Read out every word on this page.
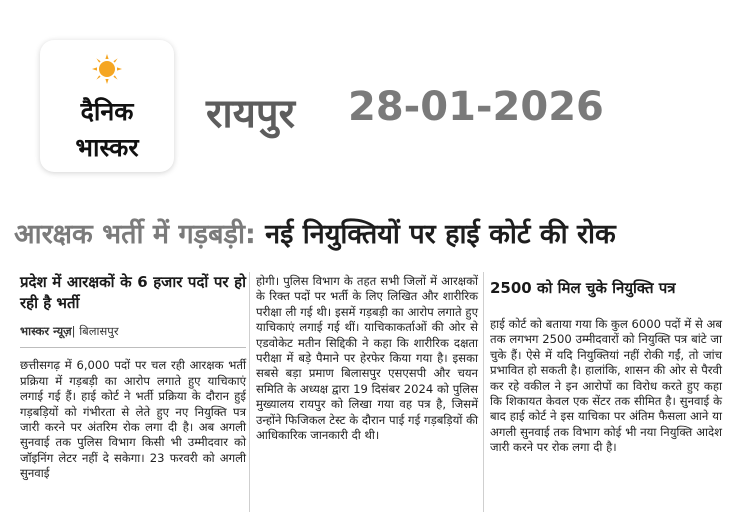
दैनिक
भास्कर
रायपुर 28-01-2026
आरक्षक भर्ती में गड़बड़ी: नई नियुक्तियों पर हाई कोर्ट की रोक
प्रदेश में आरक्षकों के 6 हजार पदों पर हो रही है भर्ती
भास्कर न्यूज़| बिलासपुर

छत्तीसगढ़ में 6,000 पदों पर चल रही आरक्षक भर्ती प्रक्रिया में गड़बड़ी का आरोप लगाते हुए याचिकाएं लगाई गई हैं। हाई कोर्ट ने भर्ती प्रक्रिया के दौरान हुई गड़बड़ियों को गंभीरता से लेते हुए नए नियुक्ति पत्र जारी करने पर अंतरिम रोक लगा दी है। अब अगली सुनवाई तक पुलिस विभाग किसी भी उम्मीदवार को जॉइनिंग लेटर नहीं दे सकेगा। 23 फरवरी को अगली सुनवाई

होगी। पुलिस विभाग के तहत सभी जिलों में आरक्षकों के रिक्त पदों पर भर्ती के लिए लिखित और शारीरिक परीक्षा ली गई थी। इसमें गड़बड़ी का आरोप लगाते हुए याचिकाएं लगाई गई थीं। याचिकाकर्ताओं की ओर से एडवोकेट मतीन सिद्दिकी ने कहा कि शारीरिक दक्षता परीक्षा में बड़े पैमाने पर हेरफेर किया गया है। इसका सबसे बड़ा प्रमाण बिलासपुर एसएसपी और चयन समिति के अध्यक्ष द्वारा 19 दिसंबर 2024 को पुलिस मुख्यालय रायपुर को लिखा गया वह पत्र है, जिसमें उन्होंने फिजिकल टेस्ट के दौरान पाई गई गड़बड़ियों की आधिकारिक जानकारी दी थी।

2500 को मिल चुके नियुक्ति पत्र

हाई कोर्ट को बताया गया कि कुल 6000 पदों में से अब तक लगभग 2500 उम्मीदवारों को नियुक्ति पत्र बांटे जा चुके हैं। ऐसे में यदि नियुक्तियां नहीं रोकी गईं, तो जांच प्रभावित हो सकती है। हालांकि, शासन की ओर से पैरवी कर रहे वकील ने इन आरोपों का विरोध करते हुए कहा कि शिकायत केवल एक सेंटर तक सीमित है। सुनवाई के बाद हाई कोर्ट ने इस याचिका पर अंतिम फैसला आने या अगली सुनवाई तक विभाग कोई भी नया नियुक्ति आदेश जारी करने पर रोक लगा दी है।
